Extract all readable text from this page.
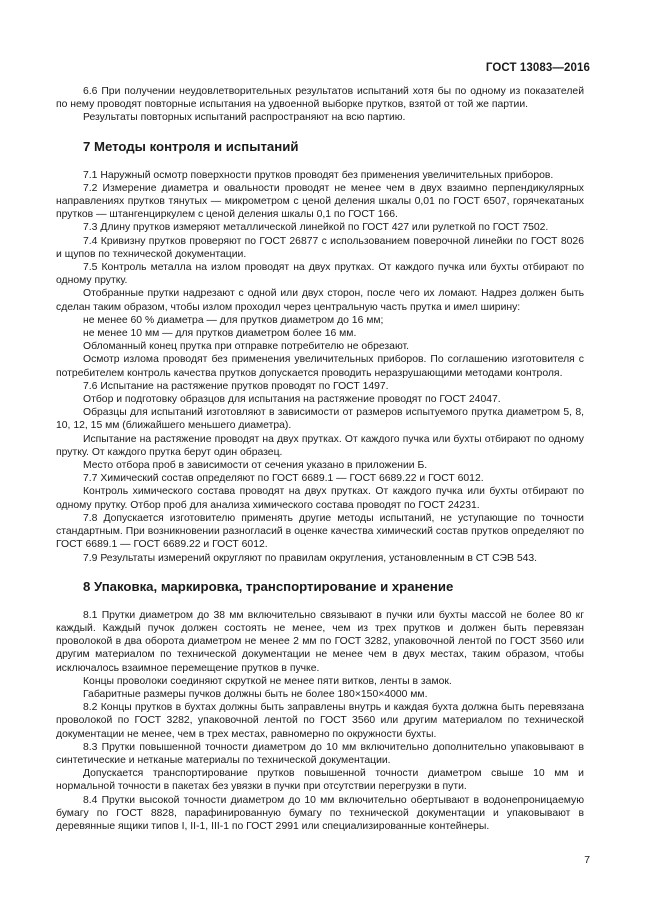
ГОСТ 13083—2016

6.6 При получении неудовлетворительных результатов испытаний хотя бы по одному из показателей по нему проводят повторные испытания на удвоенной выборке прутков, взятой от той же партии.

Результаты повторных испытаний распространяют на всю партию.

7 Методы контроля и испытаний

7.1 Наружный осмотр поверхности прутков проводят без применения увеличительных приборов.

7.2 Измерение диаметра и овальности проводят не менее чем в двух взаимно перпендикулярных направлениях прутков тянутых — микрометром с ценой деления шкалы 0,01 по ГОСТ 6507, горячекатаных прутков — штангенциркулем с ценой деления шкалы 0,1 по ГОСТ 166.

7.3 Длину прутков измеряют металлической линейкой по ГОСТ 427 или рулеткой по ГОСТ 7502.

7.4 Кривизну прутков проверяют по ГОСТ 26877 с использованием поверочной линейки по ГОСТ 8026 и щупов по технической документации.

7.5 Контроль металла на излом проводят на двух прутках. От каждого пучка или бухты отбирают по одному прутку.

Отобранные прутки надрезают с одной или двух сторон, после чего их ломают. Надрез должен быть сделан таким образом, чтобы излом проходил через центральную часть прутка и имел ширину:

не менее 60 % диаметра — для прутков диаметром до 16 мм;

не менее 10 мм — для прутков диаметром более 16 мм.

Обломанный конец прутка при отправке потребителю не обрезают.

Осмотр излома проводят без применения увеличительных приборов. По соглашению изготовителя с потребителем контроль качества прутков допускается проводить неразрушающими методами контроля.

7.6 Испытание на растяжение прутков проводят по ГОСТ 1497.

Отбор и подготовку образцов для испытания на растяжение проводят по ГОСТ 24047.

Образцы для испытаний изготовляют в зависимости от размеров испытуемого прутка диаметром 5, 8, 10, 12, 15 мм (ближайшего меньшего диаметра).

Испытание на растяжение проводят на двух прутках. От каждого пучка или бухты отбирают по одному прутку. От каждого прутка берут один образец.

Место отбора проб в зависимости от сечения указано в приложении Б.

7.7 Химический состав определяют по ГОСТ 6689.1 — ГОСТ 6689.22 и ГОСТ 6012.

Контроль химического состава проводят на двух прутках. От каждого пучка или бухты отбирают по одному прутку. Отбор проб для анализа химического состава проводят по ГОСТ 24231.

7.8 Допускается изготовителю применять другие методы испытаний, не уступающие по точности стандартным. При возникновении разногласий в оценке качества химический состав прутков определяют по ГОСТ 6689.1 — ГОСТ 6689.22 и ГОСТ 6012.

7.9 Результаты измерений округляют по правилам округления, установленным в СТ СЭВ 543.

8 Упаковка, маркировка, транспортирование и хранение

8.1 Прутки диаметром до 38 мм включительно связывают в пучки или бухты массой не более 80 кг каждый. Каждый пучок должен состоять не менее, чем из трех прутков и должен быть перевязан проволокой в два оборота диаметром не менее 2 мм по ГОСТ 3282, упаковочной лентой по ГОСТ 3560 или другим материалом по технической документации не менее чем в двух местах, таким образом, чтобы исключалось взаимное перемещение прутков в пучке.

Концы проволоки соединяют скруткой не менее пяти витков, ленты в замок.

Габаритные размеры пучков должны быть не более 180×150×4000 мм.

8.2 Концы прутков в бухтах должны быть заправлены внутрь и каждая бухта должна быть перевязана проволокой по ГОСТ 3282, упаковочной лентой по ГОСТ 3560 или другим материалом по технической документации не менее, чем в трех местах, равномерно по окружности бухты.

8.3 Прутки повышенной точности диаметром до 10 мм включительно дополнительно упаковывают в синтетические и нетканые материалы по технической документации.

Допускается транспортирование прутков повышенной точности диаметром свыше 10 мм и нормальной точности в пакетах без увязки в пучки при отсутствии перегрузки в пути.

8.4 Прутки высокой точности диаметром до 10 мм включительно обертывают в водонепроницаемую бумагу по ГОСТ 8828, парафинированную бумагу по технической документации и упаковывают в деревянные ящики типов I, II-1, III-1 по ГОСТ 2991 или специализированные контейнеры.

7
